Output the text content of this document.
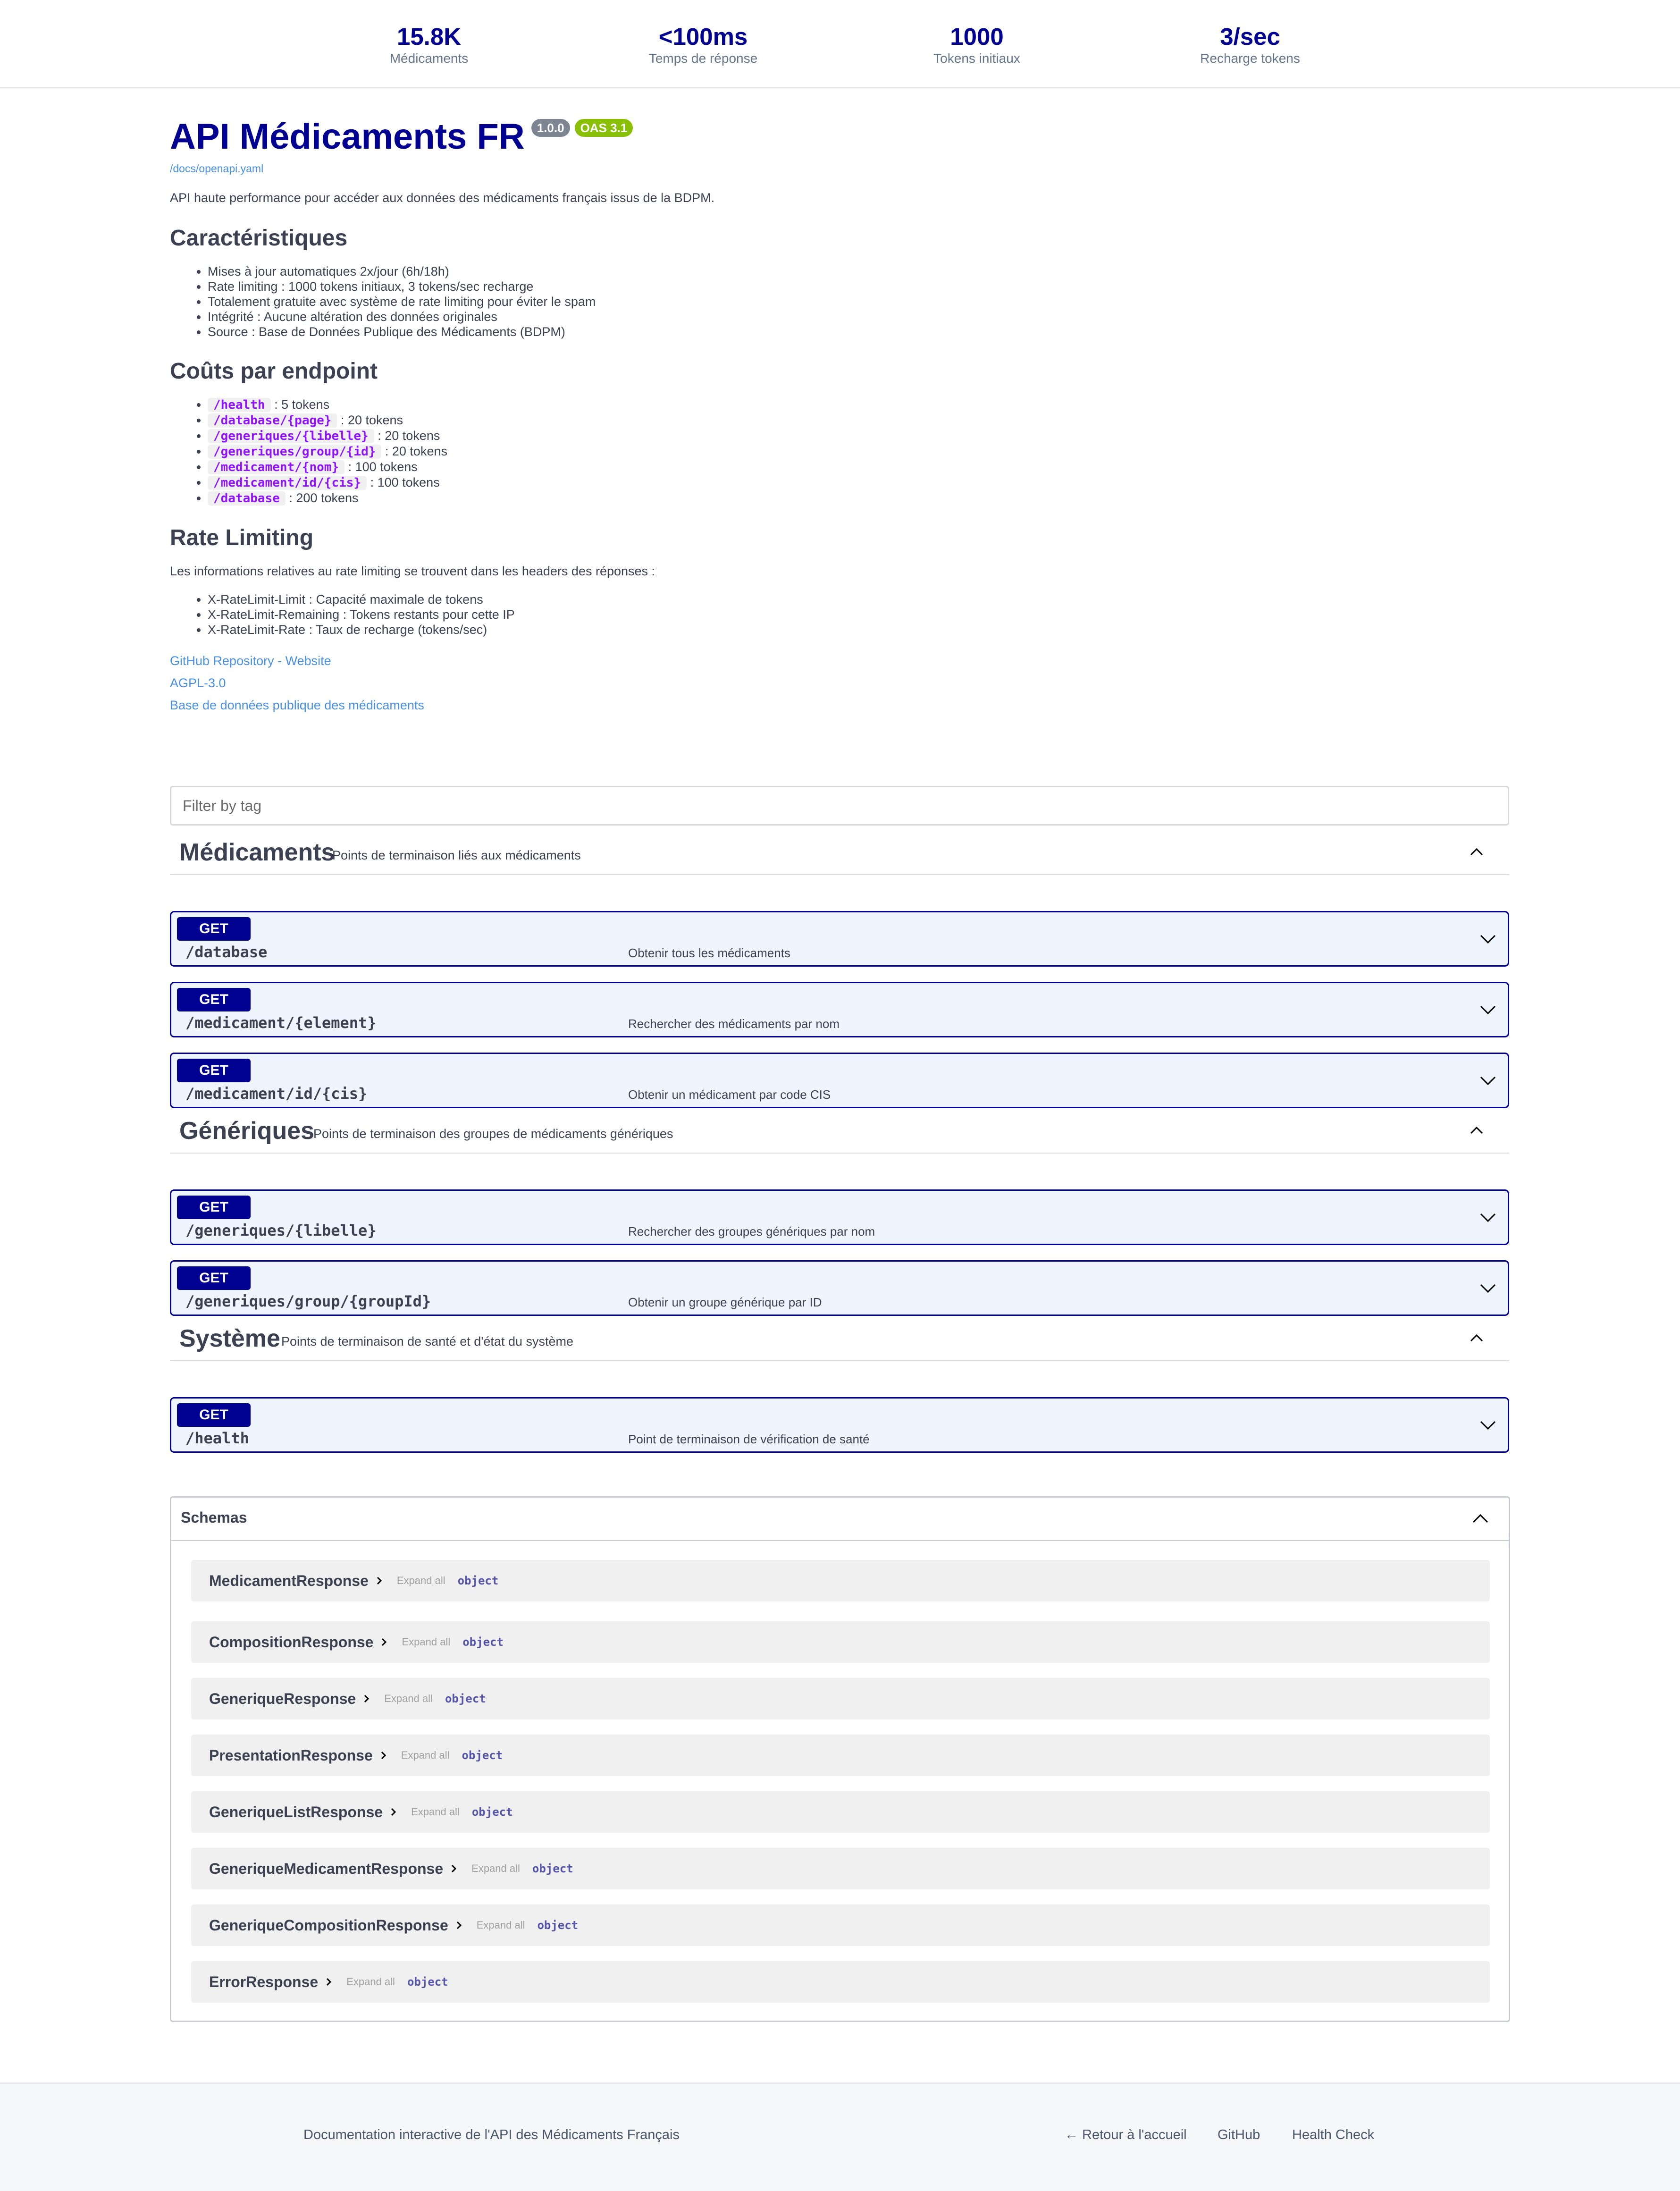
15.8K
Médicaments
<100ms
Temps de réponse
1000
Tokens initiaux
3/sec
Recharge tokens
API Médicaments FR	1.0.0	OAS 3.1
/docs/openapi.yaml

API haute performance pour accéder aux données des médicaments français issus de la BDPM.

Caractéristiques
• Mises à jour automatiques 2x/jour (6h/18h)
• Rate limiting : 1000 tokens initiaux, 3 tokens/sec recharge
• Totalement gratuite avec système de rate limiting pour éviter le spam
• Intégrité : Aucune altération des données originales
• Source : Base de Données Publique des Médicaments (BDPM)
Coûts par endpoint
• /health : 5 tokens
• /database/{page} : 20 tokens
• /generiques/{libelle} : 20 tokens
• /generiques/group/{id} : 20 tokens
• /medicament/{nom} : 100 tokens
• /medicament/id/{cis} : 100 tokens
• /database : 200 tokens
Rate Limiting

Les informations relatives au rate limiting se trouvent dans les headers des réponses :

• X-RateLimit-Limit : Capacité maximale de tokens
• X-RateLimit-Remaining : Tokens restants pour cette IP
• X-RateLimit-Rate : Taux de recharge (tokens/sec)
GitHub Repository - Website
AGPL-3.0
Base de données publique des médicaments
Filter by tag
Médicaments
Points de terminaison liés aux médicaments
GET
/database	Obtenir tous les médicaments
GET
/medicament/{element}	Rechercher des médicaments par nom
GET
/medicament/id/{cis}	Obtenir un médicament par code CIS
Génériques
Points de terminaison des groupes de médicaments génériques
GET
/generiques/{libelle}	Rechercher des groupes génériques par nom
GET
/generiques/group/{groupId}	Obtenir un groupe générique par ID
Système Points de terminaison de santé et d'état du système
GET
/health	Point de terminaison de vérification de santé
Schemas
MedicamentResponse	Expand all object
CompositionResponse	Expand all object
GeneriqueResponse	Expand all object
PresentationResponse	Expand all object
GeneriqueListResponse	Expand all object
GeneriqueMedicamentResponse	Expand all object
GeneriqueCompositionResponse	Expand all object
ErrorResponse	Expand all object
Documentation interactive de l'API des Médicaments Français	← Retour à l'accueil GitHub Health Check
